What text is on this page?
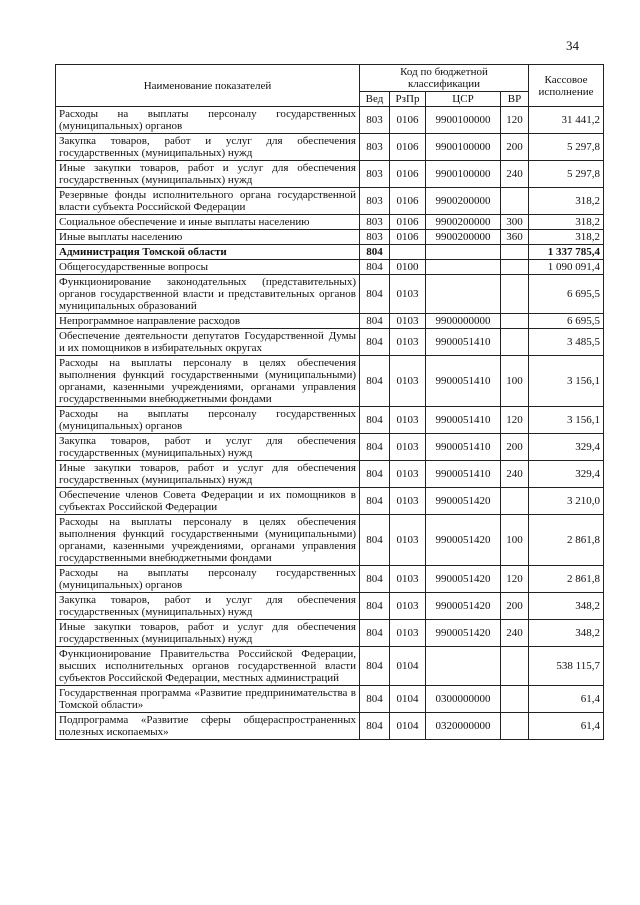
34
Наименование показателей	Код по бюджетной классификации				Кассовое исполнение
	Вед	РзПр	ЦСР	ВР	
Расходы на выплаты персоналу государственных (муниципальных) органов	803	0106	9900100000	120	31 441,2
Закупка товаров, работ и услуг для обеспечения государственных (муниципальных) нужд	803	0106	9900100000	200	5 297,8
Иные закупки товаров, работ и услуг для обеспечения государственных (муниципальных) нужд	803	0106	9900100000	240	5 297,8
Резервные фонды исполнительного органа государственной власти субъекта Российской Федерации	803	0106	9900200000		318,2
Социальное обеспечение и иные выплаты населению	803	0106	9900200000	300	318,2
Иные выплаты населению	803	0106	9900200000	360	318,2
Администрация Томской области	804				1 337 785,4
Общегосударственные вопросы	804	0100			1 090 091,4
Функционирование законодательных (представительных) органов государственной власти и представительных органов муниципальных образований	804	0103			6 695,5
Непрограммное направление расходов	804	0103	9900000000		6 695,5
Обеспечение деятельности депутатов Государственной Думы и их помощников в избирательных округах	804	0103	9900051410		3 485,5
Расходы на выплаты персоналу в целях обеспечения выполнения функций государственными (муниципальными) органами, казенными учреждениями, органами управления государственными внебюджетными фондами	804	0103	9900051410	100	3 156,1
Расходы на выплаты персоналу государственных (муниципальных) органов	804	0103	9900051410	120	3 156,1
Закупка товаров, работ и услуг для обеспечения государственных (муниципальных) нужд	804	0103	9900051410	200	329,4
Иные закупки товаров, работ и услуг для обеспечения государственных (муниципальных) нужд	804	0103	9900051410	240	329,4
Обеспечение членов Совета Федерации и их помощников в субъектах Российской Федерации	804	0103	9900051420		3 210,0
Расходы на выплаты персоналу в целях обеспечения выполнения функций государственными (муниципальными) органами, казенными учреждениями, органами управления государственными внебюджетными фондами	804	0103	9900051420	100	2 861,8
Расходы на выплаты персоналу государственных (муниципальных) органов	804	0103	9900051420	120	2 861,8
Закупка товаров, работ и услуг для обеспечения государственных (муниципальных) нужд	804	0103	9900051420	200	348,2
Иные закупки товаров, работ и услуг для обеспечения государственных (муниципальных) нужд	804	0103	9900051420	240	348,2
Функционирование Правительства Российской Федерации, высших исполнительных органов государственной власти субъектов Российской Федерации, местных администраций	804	0104			538 115,7
Государственная программа «Развитие предпринимательства в Томской области»	804	0104	0300000000		61,4
Подпрограмма «Развитие сферы общераспространенных полезных ископаемых»	804	0104	0320000000		61,4
